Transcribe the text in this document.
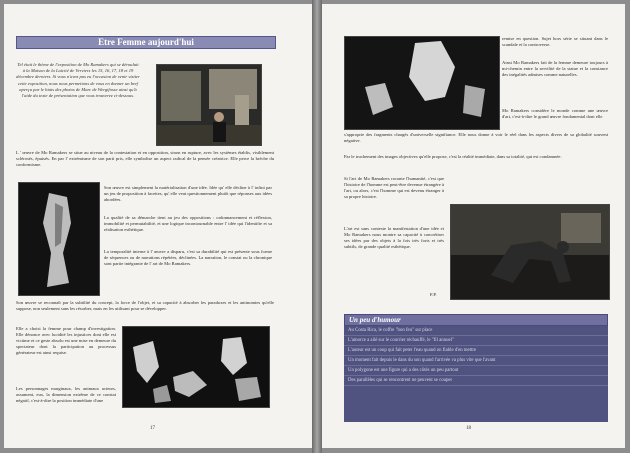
Etre Femme aujourd'hui
Tel était le thème de l'exposition de Mo Ramakers qui se déroulait à la Maison de la Laïcité de Verviers les 15, 16, 17, 18 et 19 décembre derniers. Si vous n'avez pas eu l'occasion de venir visiter cette exposition, nous nous permettons de vous en donner un bref aperçu par le biais des photos de Marc de Wergifosse ainsi qu'à l'aide du texte de présentation que vous trouverez ci-dessous.
L ' œuvre de Mo Ramakers se situe au niveau de la contestation et en opposition, sinon en rupture, avec les systèmes établis, visiblement sclérosés, épuisés. En par l' extrémisme de son parti pris, elle symbolise un aspect radical de la pensée créatrice. Elle perce la brèche du conformisme.
Son œuvre est simplement la matérialisation d'une idée. Idée qu' elle décline à l' infini par un jeu de proposition à facettes, qu' elle veut questionnement plutôt que réponses aux idées abordées.
La qualité de sa démarche tient au jeu des oppositions : ordonnancement et réflexion, immobilité et permutabilité, et une logique incontournable entre l' idée qui l'identifie et sa réalisation esthétique.
La temporalité interne à l' œuvre a disparu, c'est sa durabilité qui est présente sous forme de séquences ou de narrations répétées, déclinées. La narration, le constat ou la chronique sont partie intégrante de l' art de Mo Ramakers.
Son œuvre se reconnaît par la subtilité du concept, la force de l'objet, et sa capacité à absorber les paradoxes et les antinomies qu'elle suppose, non seulement sans les résorber, mais en les utilisant pour se développer.
Elle a choisi la femme pour champ d'investigation. Elle dénonce avec lucidité les injustices dont elle est victime et ce geste absolu est une mise en demeure du spectateur dont la participation au processus générateur est ainsi requise.
Les personnages marginaux, les animaux acteurs, assument, eux, la dimension extrême de ce constat négatif, c'est-à-dire la position immédiate d'une
17
remise en question. Sujet hors série se situant dans le scandale et la controverse.
Ainsi Mo Ramakers fait de la femme demeure toujours à mi-chemin entre la servilité de la statue et la constance des inégalités admises comme naturelles.
Mo Ramakers considère le monde comme une œuvre d'art, c'est-à-dire le grand œuvre fondamental dont elle
s'approprie des fragments chargés d'universelle signifiance. Elle nous donne à voir le réel dans les aspects divers de sa globalité souvent négative.
Par le truchement des images objectives qu'elle propose, c'est la réalité immédiate, dans sa totalité, qui est condamnée.
Si l'art de Mo Ramakers raconte l'humanité, c'est que l'histoire de l'homme est peut-être devenue étrangère à l'art, ou alors, c'est l'homme qui est devenu étranger à sa propre histoire.
L'art est sans conteste la manifestation d'une idée et Mo Ramakers nous montre sa capacité à concrétiser ses idées par des objets à la fois très forts et très subtils, de grande qualité esthétique.
F.P.
Un peu d'humour
Au Costa Rica, le coffre "bon feu" sur place
L'amorce a ailé sur le courrier réchauffé, le "fil annuel"
L'auteur est un coup qui fait peter l'eau quand on fiable d'en mettre
Un moment fait depuis le dans du son quand l'arrivée va plus vite que l'avant
Un polygone est une figure qui a des côtés un peu partout
Des parallèles qui se rencontrent ne peuvent se couper
18
